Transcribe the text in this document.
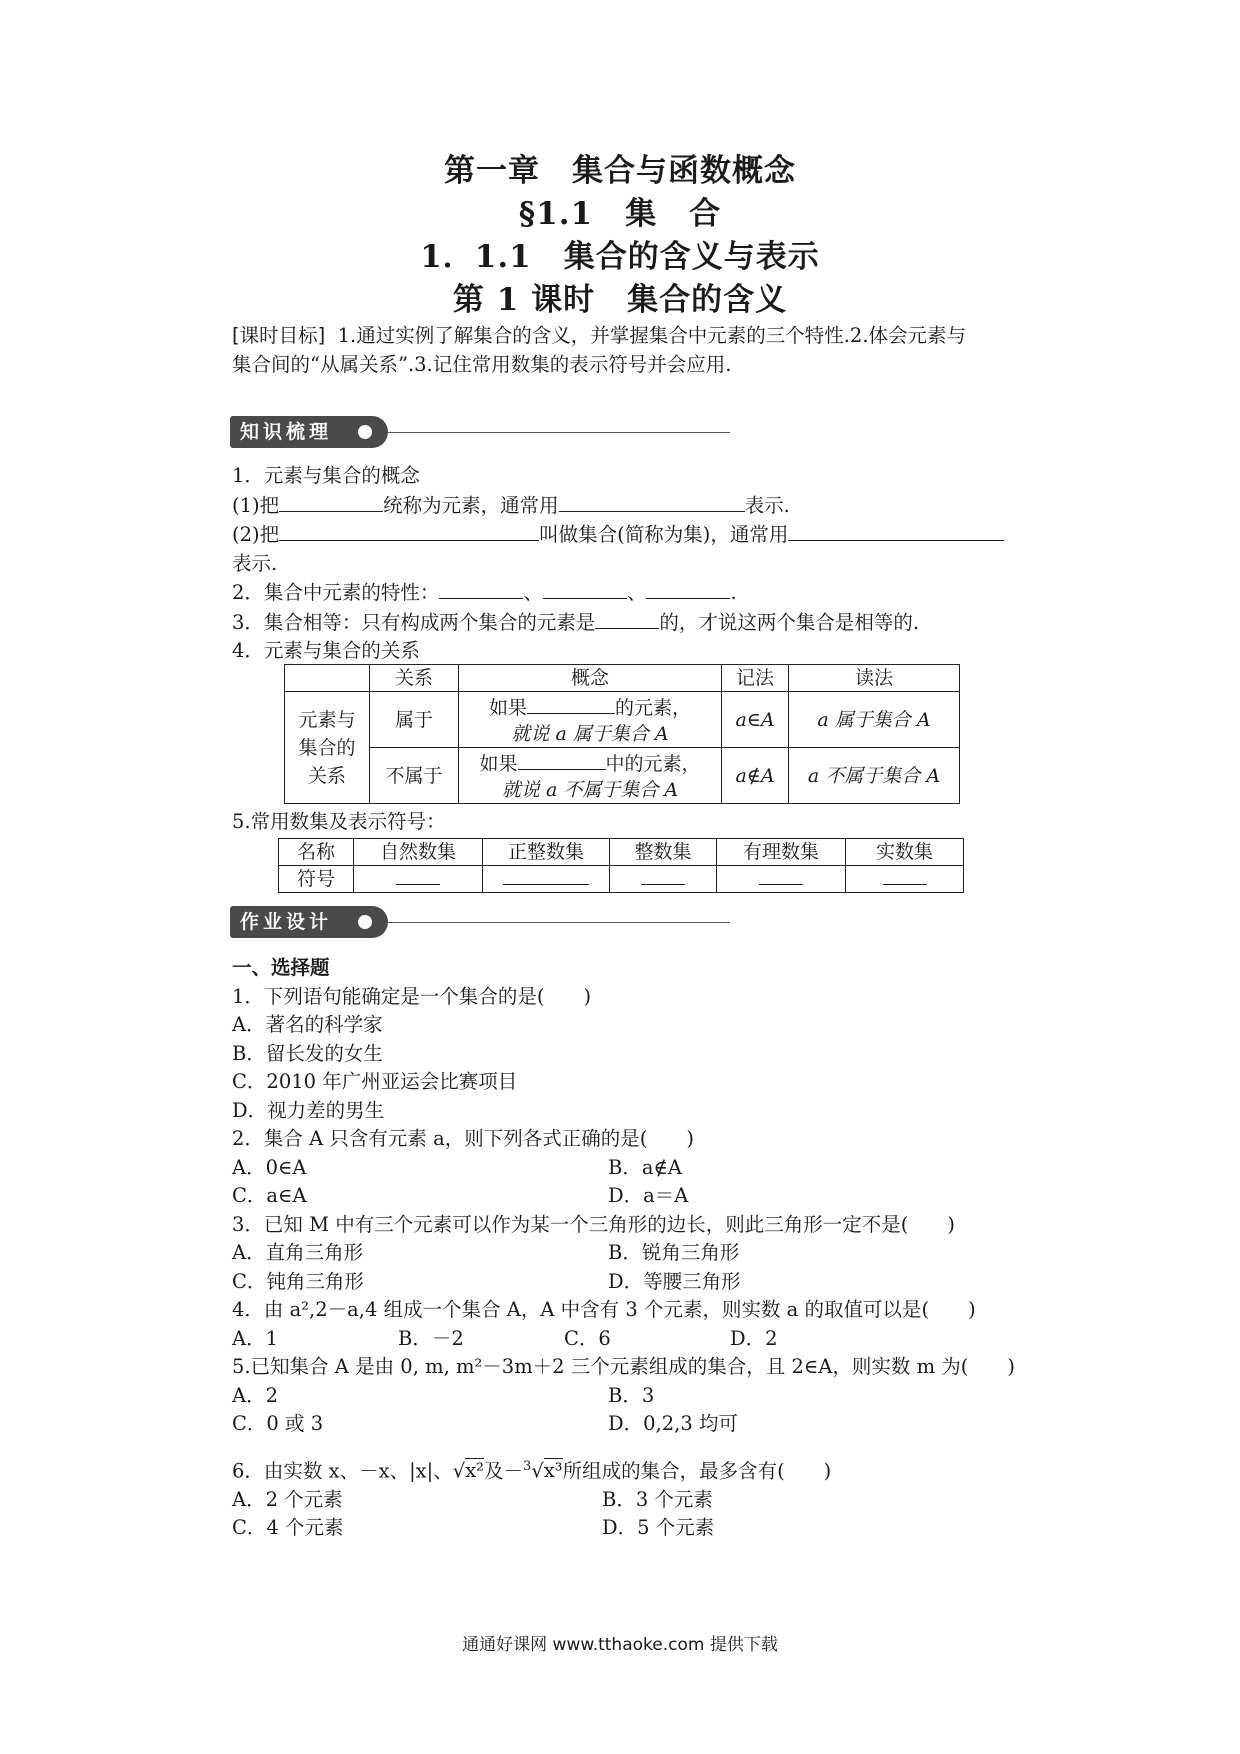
第一章　集合与函数概念

§1.1　集　合

1．1.1　集合的含义与表示

第 1 课时　集合的含义

[课时目标] 1.通过实例了解集合的含义，并掌握集合中元素的三个特性.2.体会元素与
集合间的“从属关系”.3.记住常用数集的表示符号并会应用.
知识梳理
1．元素与集合的概念
(1)把	统称为元素，通常用	表示.
(2)把	叫做集合(简称为集)，通常用
表示.
2．集合中元素的特性：	、	、	.
3．集合相等：只有构成两个集合的元素是	的，才说这两个集合是相等的.
4．元素与集合的关系
	关系	概念	记法	读法
元素与集合的关系	属于	如果 的元素，
就说 a 属于集合 A	a∈A	a 属于集合 A
	不属于	如果 中的元素，
就说 a 不属于集合 A	a∉A	a 不属于集合 A
5.常用数集及表示符号：
名称	自然数集	正整数集	整数集	有理数集	实数集
符号					
作业设计
一、选择题
1．下列语句能确定是一个集合的是(　　)
A．著名的科学家
B．留长发的女生
C．2010 年广州亚运会比赛项目
D．视力差的男生
2．集合 A 只含有元素 a，则下列各式正确的是(　　)
A．0∈A	B．a∉A
C．a∈A	D．a＝A
3．已知 M 中有三个元素可以作为某一个三角形的边长，则此三角形一定不是(　　)
A．直角三角形	B．锐角三角形
C．钝角三角形	D．等腰三角形
4．由 a²,2－a,4 组成一个集合 A，A 中含有 3 个元素，则实数 a 的取值可以是(　　)
A．1	B．－2	C．6	D．2
5.已知集合 A 是由 0, m, m²－3m＋2 三个元素组成的集合，且 2∈A，则实数 m 为(　　)
A．2	B．3
C．0 或 3	D．0,2,3 均可
6．由实数 x、－x、|x|、√x²及－$^3$√x³所组成的集合，最多含有(　　)
A．2 个元素	B．3 个元素
C．4 个元素	D．5 个元素
通通好课网 www.tthaoke.com 提供下载
